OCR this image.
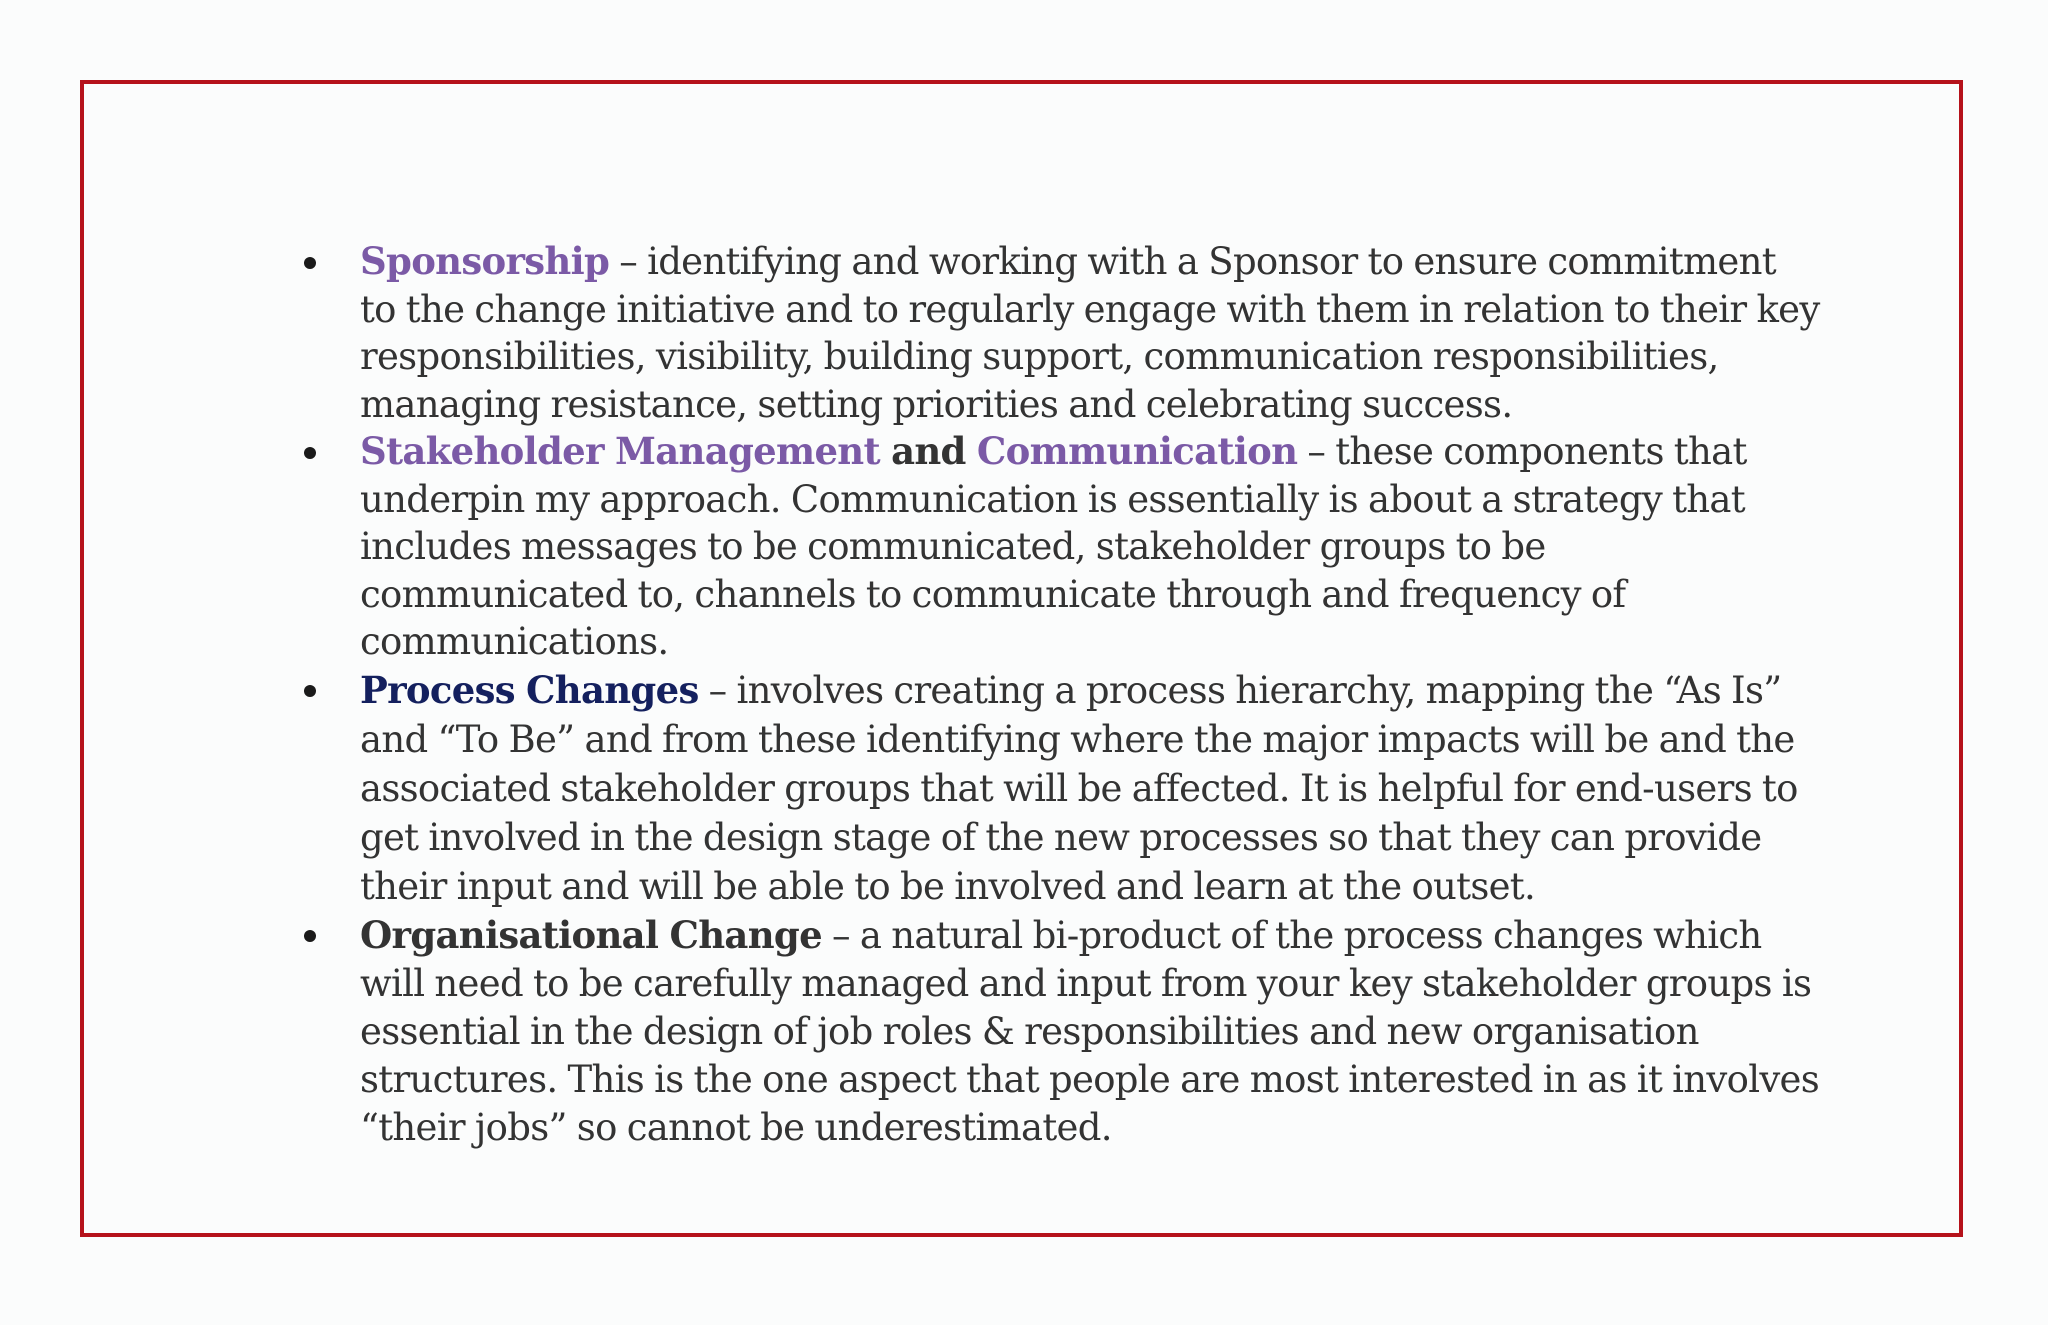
Sponsorship – identifying and working with a Sponsor to ensure commitment to the change initiative and to regularly engage with them in relation to their key responsibilities, visibility, building support, communication responsibilities, managing resistance, setting priorities and celebrating success.
Stakeholder Management and Communication – these components that underpin my approach. Communication is essentially is about a strategy that includes messages to be communicated, stakeholder groups to be communicated to, channels to communicate through and frequency of communications.
Process Changes – involves creating a process hierarchy, mapping the “As Is” and “To Be” and from these identifying where the major impacts will be and the associated stakeholder groups that will be affected. It is helpful for end-users to get involved in the design stage of the new processes so that they can provide their input and will be able to be involved and learn at the outset.
Organisational Change – a natural bi-product of the process changes which will need to be carefully managed and input from your key stakeholder groups is essential in the design of job roles & responsibilities and new organisation structures. This is the one aspect that people are most interested in as it involves “their jobs” so cannot be underestimated.
